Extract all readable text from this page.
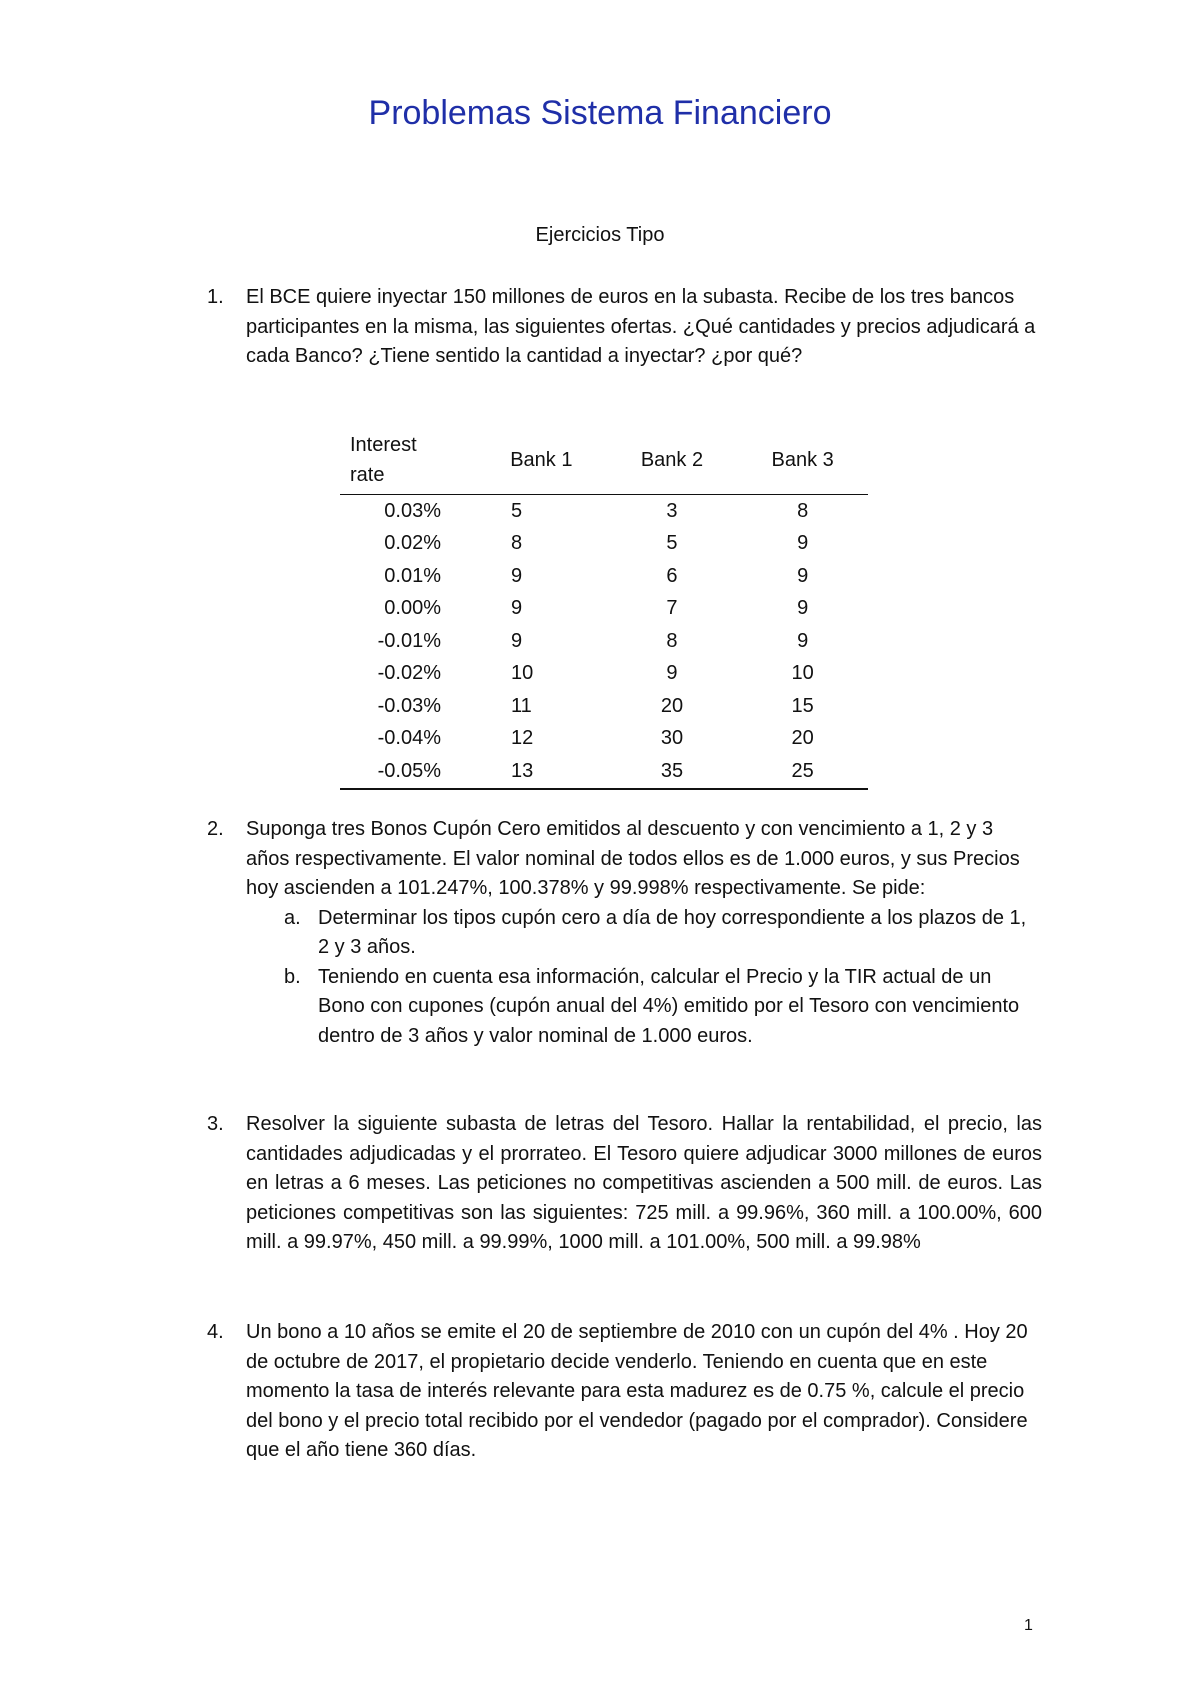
Problemas Sistema Financiero
Ejercicios Tipo
1. El BCE quiere inyectar 150 millones de euros en la subasta. Recibe de los tres bancos participantes en la misma, las siguientes ofertas. ¿Qué cantidades y precios adjudicará a cada Banco? ¿Tiene sentido la cantidad a inyectar? ¿por qué?
Interest
rate	Bank 1	Bank 2	Bank 3
0.03%	5	3	8
0.02%	8	5	9
0.01%	9	6	9
0.00%	9	7	9
-0.01%	9	8	9
-0.02%	10	9	10
-0.03%	11	20	15
-0.04%	12	30	20
-0.05%	13	35	25
2. Suponga tres Bonos Cupón Cero emitidos al descuento y con vencimiento a 1, 2 y 3 años respectivamente. El valor nominal de todos ellos es de 1.000 euros, y sus Precios hoy ascienden a 101.247%, 100.378% y 99.998% respectivamente. Se pide:
a. Determinar los tipos cupón cero a día de hoy correspondiente a los plazos de 1, 2 y 3 años.
b. Teniendo en cuenta esa información, calcular el Precio y la TIR actual de un Bono con cupones (cupón anual del 4%) emitido por el Tesoro con vencimiento dentro de 3 años y valor nominal de 1.000 euros.
3. Resolver la siguiente subasta de letras del Tesoro. Hallar la rentabilidad, el precio, las cantidades adjudicadas y el prorrateo. El Tesoro quiere adjudicar 3000 millones de euros en letras a 6 meses. Las peticiones no competitivas ascienden a 500 mill. de euros. Las peticiones competitivas son las siguientes: 725 mill. a 99.96%, 360 mill. a 100.00%, 600 mill. a 99.97%, 450 mill. a 99.99%, 1000 mill. a 101.00%, 500 mill. a 99.98%
4. Un bono a 10 años se emite el 20 de septiembre de 2010 con un cupón del 4% . Hoy 20 de octubre de 2017, el propietario decide venderlo. Teniendo en cuenta que en este momento la tasa de interés relevante para esta madurez es de 0.75 %, calcule el precio del bono y el precio total recibido por el vendedor (pagado por el comprador). Considere que el año tiene 360 días.
1
